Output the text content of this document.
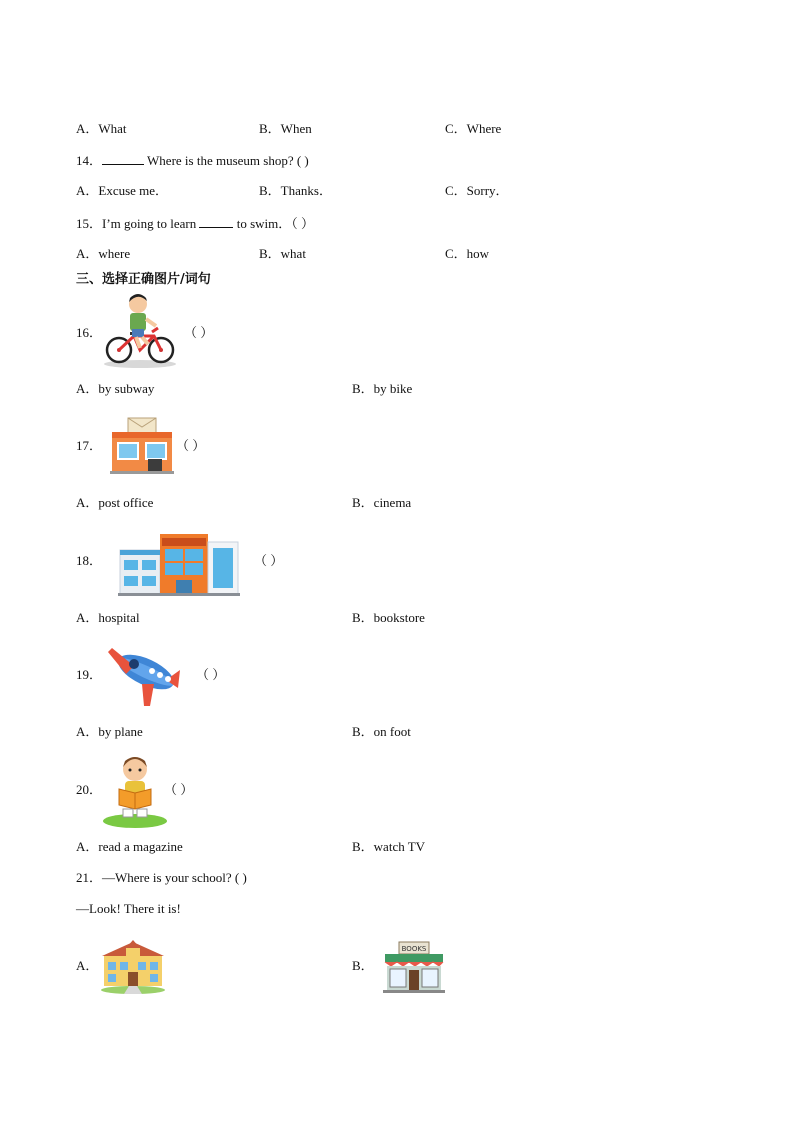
A．What	B．When	C．Where
14．	Where is the museum shop? ( )
A．Excuse me．	B．Thanks．	C．Sorry．
15．I’m going to learn	to swim．（ ）
A．where	B．what	C．how
三、选择正确图片/词句
16．	（ ）
A．by subway	B．by bike
17．	（ ）
A．post office	B．cinema
18．	（ ）
A．hospital	B．bookstore
19．	（ ）
A．by plane	B．on foot
20．	（ ）
A．read a magazine	B．watch TV
21．—Where is your school? ( )
—Look! There it is!
A．	B．
BOOKS
